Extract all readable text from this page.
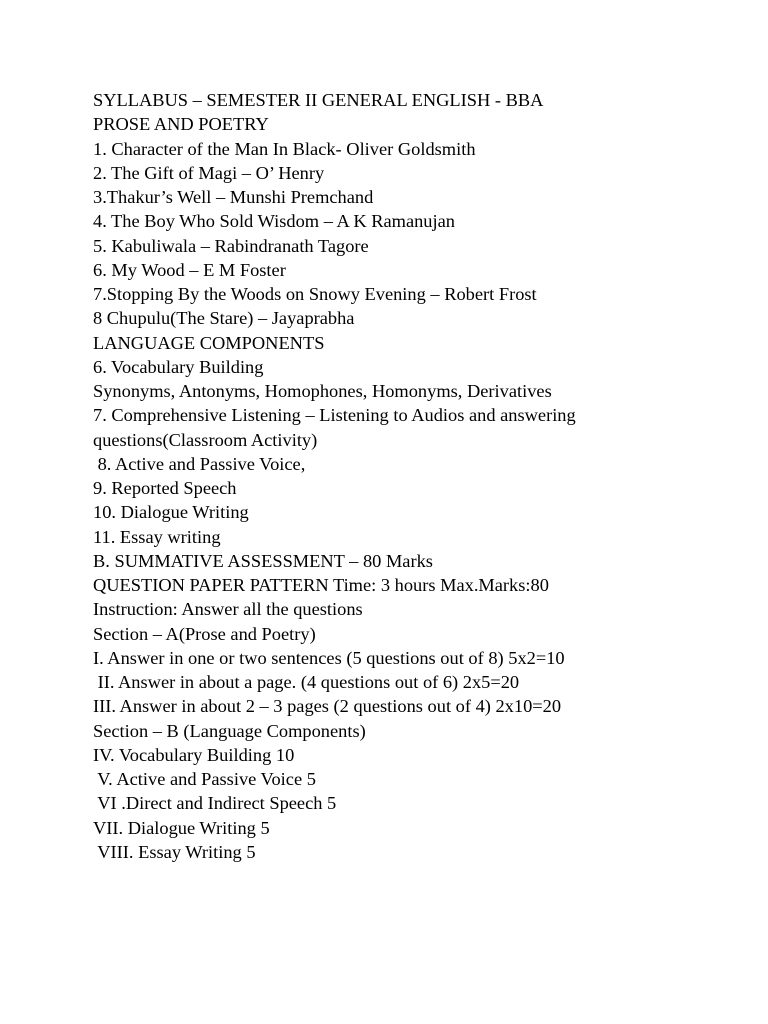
SYLLABUS – SEMESTER II GENERAL ENGLISH - BBA
PROSE AND POETRY
1. Character of the Man In Black- Oliver Goldsmith
2. The Gift of Magi – O’ Henry
3.Thakur’s Well – Munshi Premchand
4. The Boy Who Sold Wisdom – A K Ramanujan
5. Kabuliwala – Rabindranath Tagore
6. My Wood – E M Foster
7.Stopping By the Woods on Snowy Evening – Robert Frost
8 Chupulu(The Stare) – Jayaprabha
LANGUAGE COMPONENTS
6. Vocabulary Building
Synonyms, Antonyms, Homophones, Homonyms, Derivatives
7. Comprehensive Listening – Listening to Audios and answering
questions(Classroom Activity)
8. Active and Passive Voice,
9. Reported Speech
10. Dialogue Writing
11. Essay writing
B. SUMMATIVE ASSESSMENT – 80 Marks
QUESTION PAPER PATTERN Time: 3 hours Max.Marks:80
Instruction: Answer all the questions
Section – A(Prose and Poetry)
I. Answer in one or two sentences (5 questions out of 8) 5x2=10
II. Answer in about a page. (4 questions out of 6) 2x5=20
III. Answer in about 2 – 3 pages (2 questions out of 4) 2x10=20
Section – B (Language Components)
IV. Vocabulary Building 10
V. Active and Passive Voice 5
VI .Direct and Indirect Speech 5
VII. Dialogue Writing 5
VIII. Essay Writing 5
